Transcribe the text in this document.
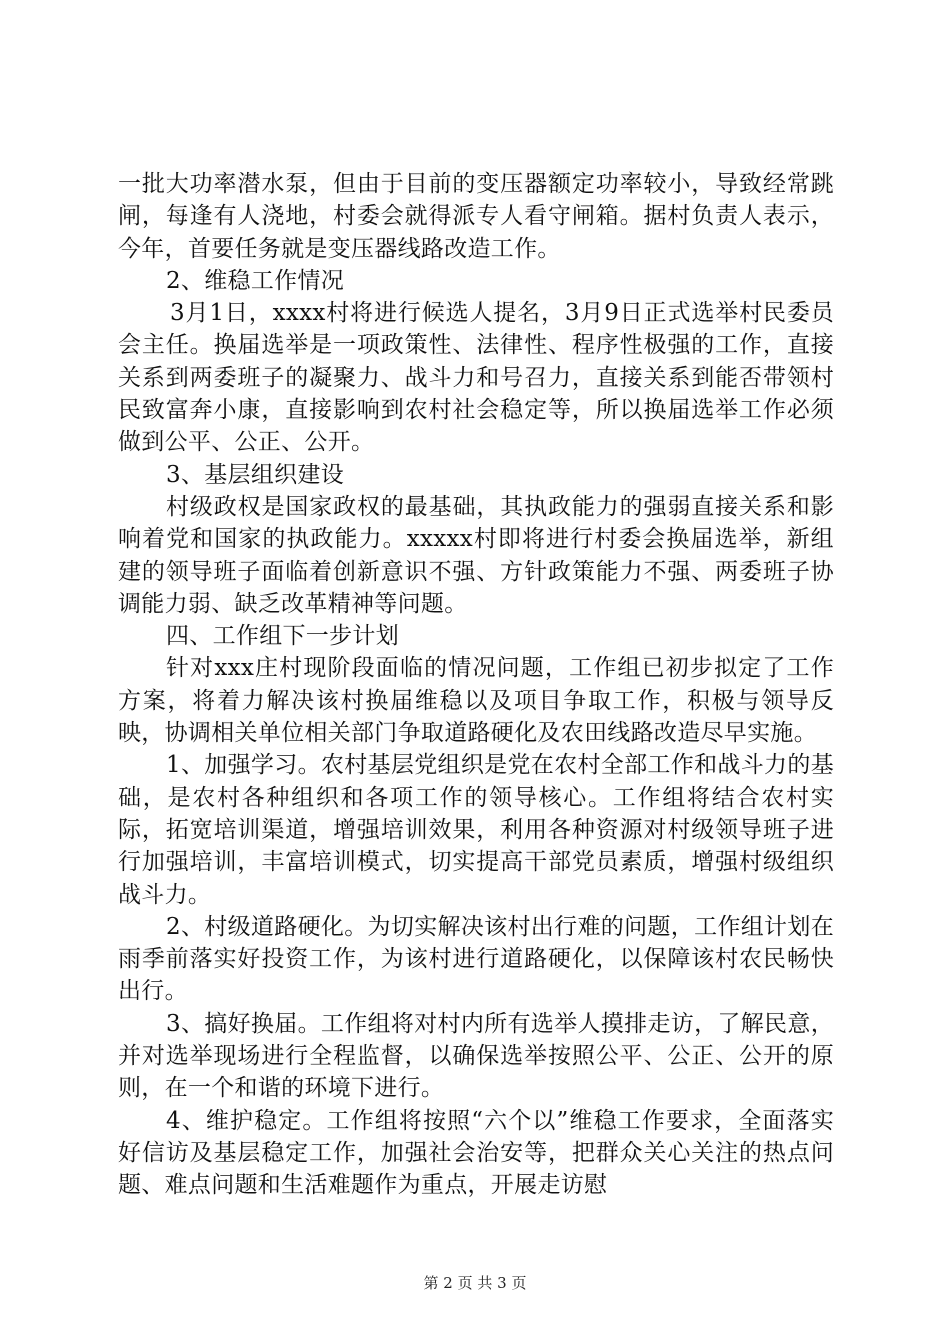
一批大功率潜水泵，但由于目前的变压器额定功率较小，导致经常跳闸，每逢有人浇地，村委会就得派专人看守闸箱。据村负责人表示，今年，首要任务就是变压器线路改造工作。

2、维稳工作情况

3月1日，xxxx村将进行候选人提名，3月9日正式选举村民委员会主任。换届选举是一项政策性、法律性、程序性极强的工作，直接关系到两委班子的凝聚力、战斗力和号召力，直接关系到能否带领村民致富奔小康，直接影响到农村社会稳定等，所以换届选举工作必须做到公平、公正、公开。

3、基层组织建设

村级政权是国家政权的最基础，其执政能力的强弱直接关系和影响着党和国家的执政能力。xxxxx村即将进行村委会换届选举，新组建的领导班子面临着创新意识不强、方针政策能力不强、两委班子协调能力弱、缺乏改革精神等问题。

四、工作组下一步计划

针对xxx庄村现阶段面临的情况问题，工作组已初步拟定了工作方案，将着力解决该村换届维稳以及项目争取工作，积极与领导反映，协调相关单位相关部门争取道路硬化及农田线路改造尽早实施。

1、加强学习。农村基层党组织是党在农村全部工作和战斗力的基础，是农村各种组织和各项工作的领导核心。工作组将结合农村实际，拓宽培训渠道，增强培训效果，利用各种资源对村级领导班子进行加强培训，丰富培训模式，切实提高干部党员素质，增强村级组织战斗力。

2、村级道路硬化。为切实解决该村出行难的问题，工作组计划在雨季前落实好投资工作，为该村进行道路硬化，以保障该村农民畅快出行。

3、搞好换届。工作组将对村内所有选举人摸排走访，了解民意，并对选举现场进行全程监督，以确保选举按照公平、公正、公开的原则，在一个和谐的环境下进行。

4、维护稳定。工作组将按照“六个以”维稳工作要求，全面落实好信访及基层稳定工作，加强社会治安等，把群众关心关注的热点问题、难点问题和生活难题作为重点，开展走访慰

第 2 页 共 3 页
